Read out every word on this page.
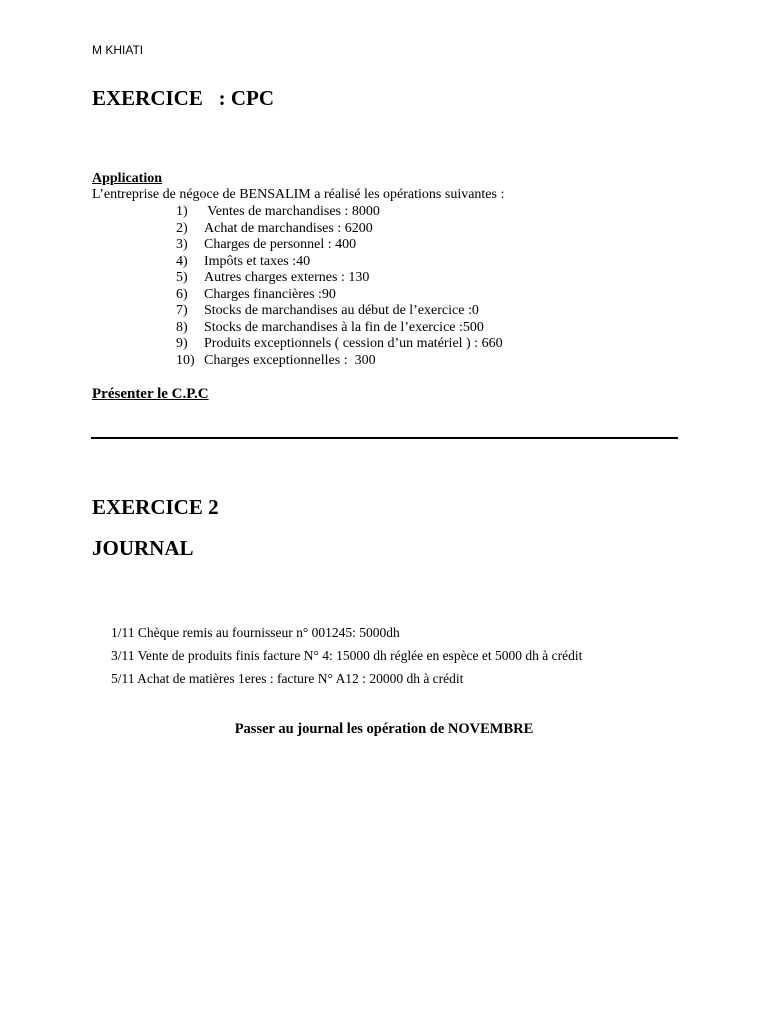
M KHIATI
EXERCICE   : CPC
Application
L’entreprise de négoce de BENSALIM a réalisé les opérations suivantes :
1)	Ventes de marchandises : 8000
2)	Achat de marchandises : 6200
3)	Charges de personnel : 400
4)	Impôts et taxes :40
5)	Autres charges externes : 130
6)	Charges financières :90
7)	Stocks de marchandises au début de l’exercice :0
8)	Stocks de marchandises à la fin de l’exercice :500
9)	Produits exceptionnels ( cession d’un matériel ) : 660
10) Charges exceptionnelles :  300
Présenter le C.P.C
EXERCICE 2
JOURNAL
1/11 Chèque remis au fournisseur n° 001245: 5000dh
3/11 Vente de produits finis facture N° 4: 15000 dh réglée en espèce et 5000 dh à crédit
5/11 Achat de matières 1eres : facture N° A12 : 20000 dh à crédit
Passer au journal les opération de NOVEMBRE
